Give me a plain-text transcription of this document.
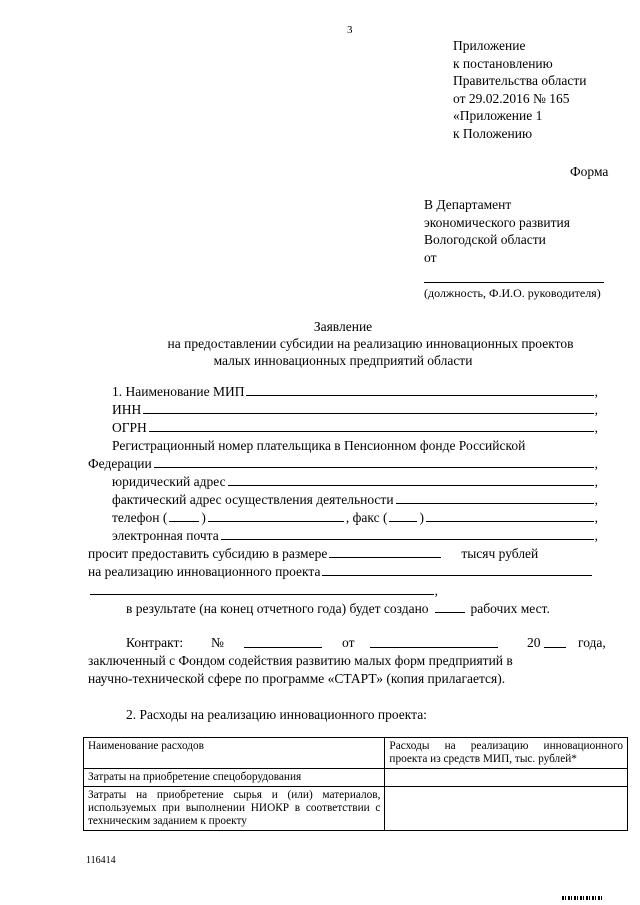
3
Приложение
к постановлению
Правительства области
от 29.02.2016 № 165
«Приложение 1
к Положению
Форма
В Департамент
экономического развития
Вологодской области
от
(должность, Ф.И.О. руководителя)
Заявление
на предоставлении субсидии на реализацию инновационных проектов
малых инновационных предприятий области
1. Наименование МИП	,
ИНН	,
ОГРН	,
Регистрационный номер плательщика в Пенсионном фонде Российской
Федерации	,
юридический адрес	,
фактический адрес осуществления деятельности	,
телефон (	)	, факс ( )	,
электронная почта	,
просит предоставить субсидию в размере	тысяч рублей
на реализацию инновационного проекта
,
в результате (на конец отчетного года) будет создано	рабочих мест.
Контракт: №	от	20	года,
заключенный с Фондом содействия развитию малых форм предприятий в
научно-технической сфере по программе «СТАРТ» (копия прилагается).
2. Расходы на реализацию инновационного проекта:
Наименование расходов	Расходы на реализацию инновационного проекта из средств МИП, тыс. рублей*
Затраты на приобретение спецоборудования	
Затраты на приобретение сырья и (или) материалов, используемых при выполнении НИОКР в соответствии с техническим заданием к проекту	
116414
